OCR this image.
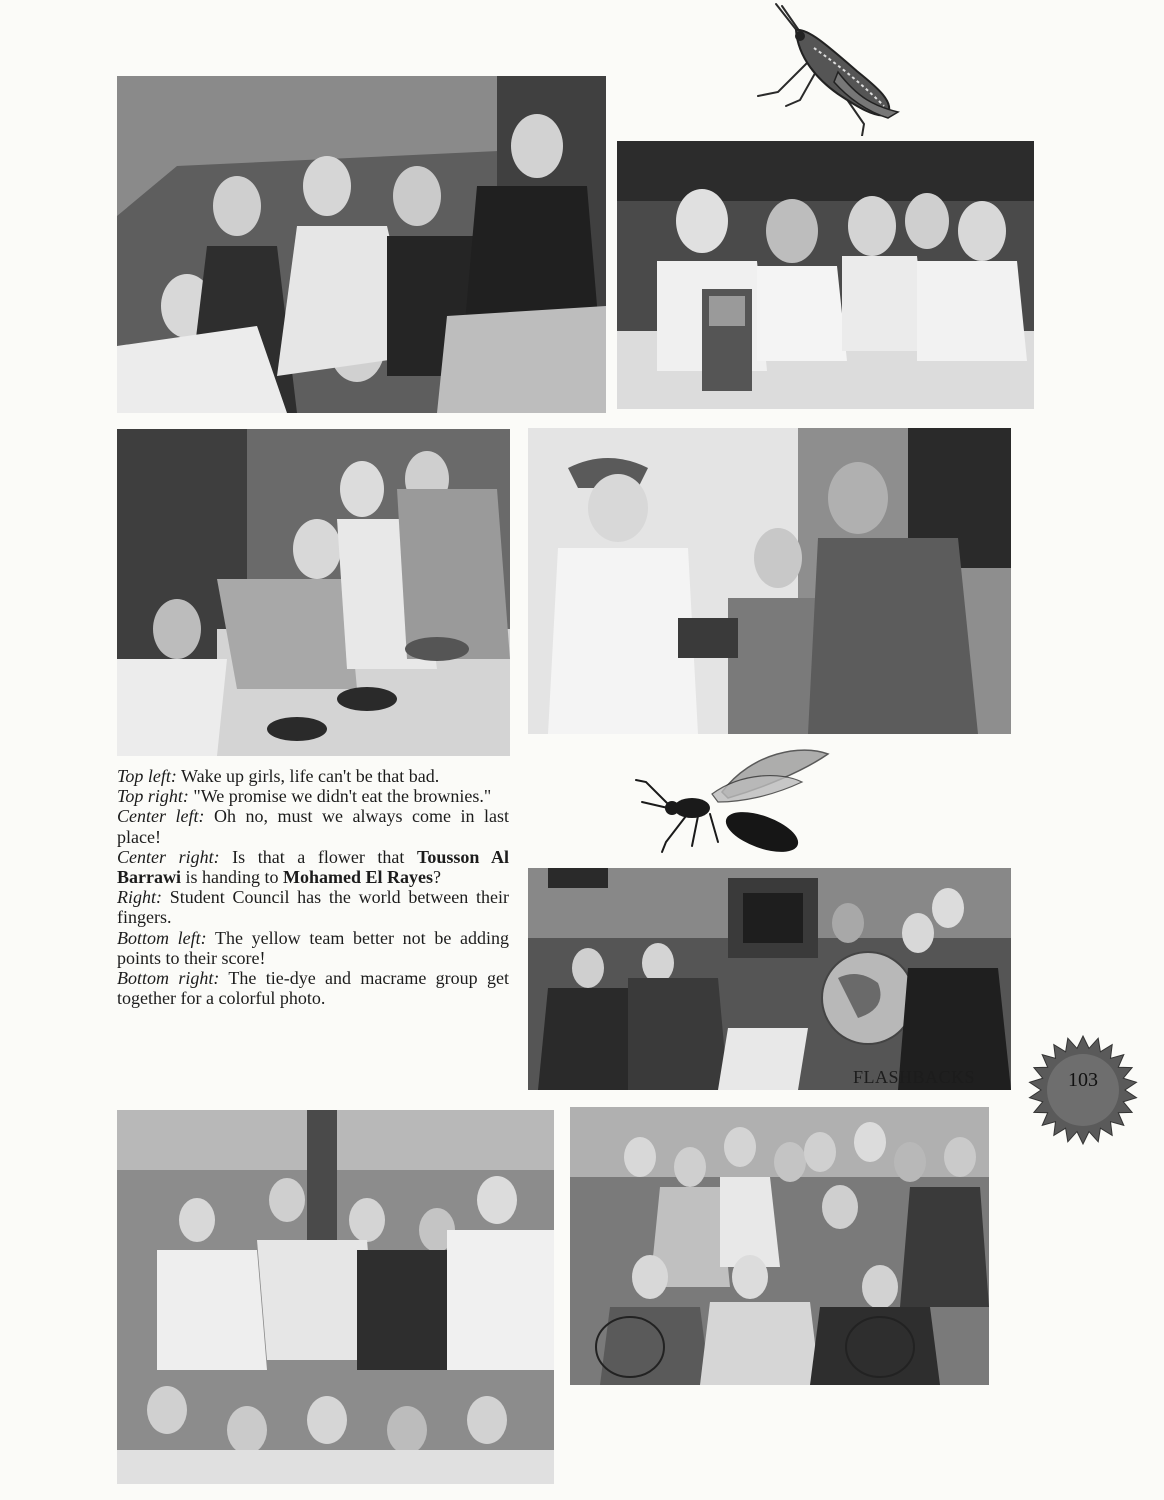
Top left: Wake up girls, life can't be that bad.

Top right: "We promise we didn't eat the brownies."

Center left: Oh no, must we always come in last place!

Center right: Is that a flower that Tousson Al Barrawi is handing to Mohamed El Rayes?

Right: Student Council has the world between their fingers.

Bottom left: The yellow team better not be adding points to their score!

Bottom right: The tie-dye and macrame group get together for a colorful photo.

FLASHBACKS	103
